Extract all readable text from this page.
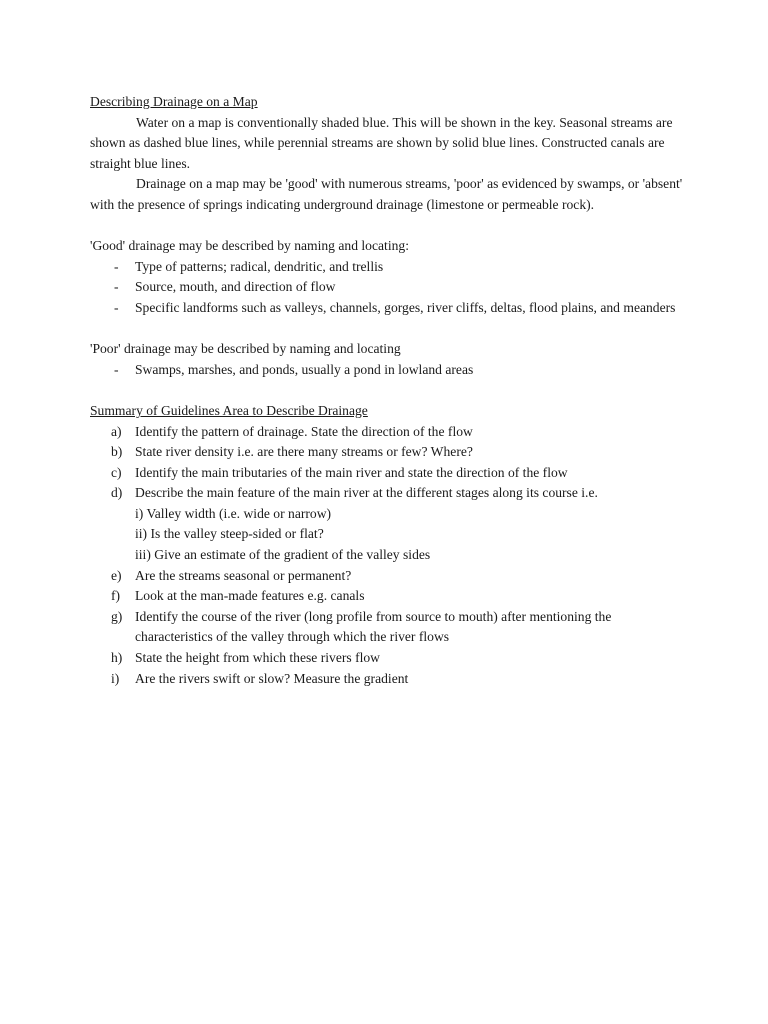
Describing Drainage on a Map

Water on a map is conventionally shaded blue. This will be shown in the key. Seasonal streams are shown as dashed blue lines, while perennial streams are shown by solid blue lines. Constructed canals are straight blue lines.

Drainage on a map may be 'good' with numerous streams, 'poor' as evidenced by swamps, or 'absent' with the presence of springs indicating underground drainage (limestone or permeable rock).

'Good' drainage may be described by naming and locating:

-	Type of patterns; radical, dendritic, and trellis
-	Source, mouth, and direction of flow
-	Specific landforms such as valleys, channels, gorges, river cliffs, deltas, flood plains, and meanders

'Poor' drainage may be described by naming and locating

-	Swamps, marshes, and ponds, usually a pond in lowland areas

Summary of Guidelines Area to Describe Drainage

a) Identify the pattern of drainage. State the direction of the flow
b) State river density i.e. are there many streams or few? Where?
c) Identify the main tributaries of the main river and state the direction of the flow
d) Describe the main feature of the main river at the different stages along its course i.e.
i) Valley width (i.e. wide or narrow)
ii) Is the valley steep-sided or flat?
iii) Give an estimate of the gradient of the valley sides
e) Are the streams seasonal or permanent?
f)	Look at the man-made features e.g. canals
g) Identify the course of the river (long profile from source to mouth) after mentioning the characteristics of the valley through which the river flows
h) State the height from which these rivers flow
i)	Are the rivers swift or slow? Measure the gradient
